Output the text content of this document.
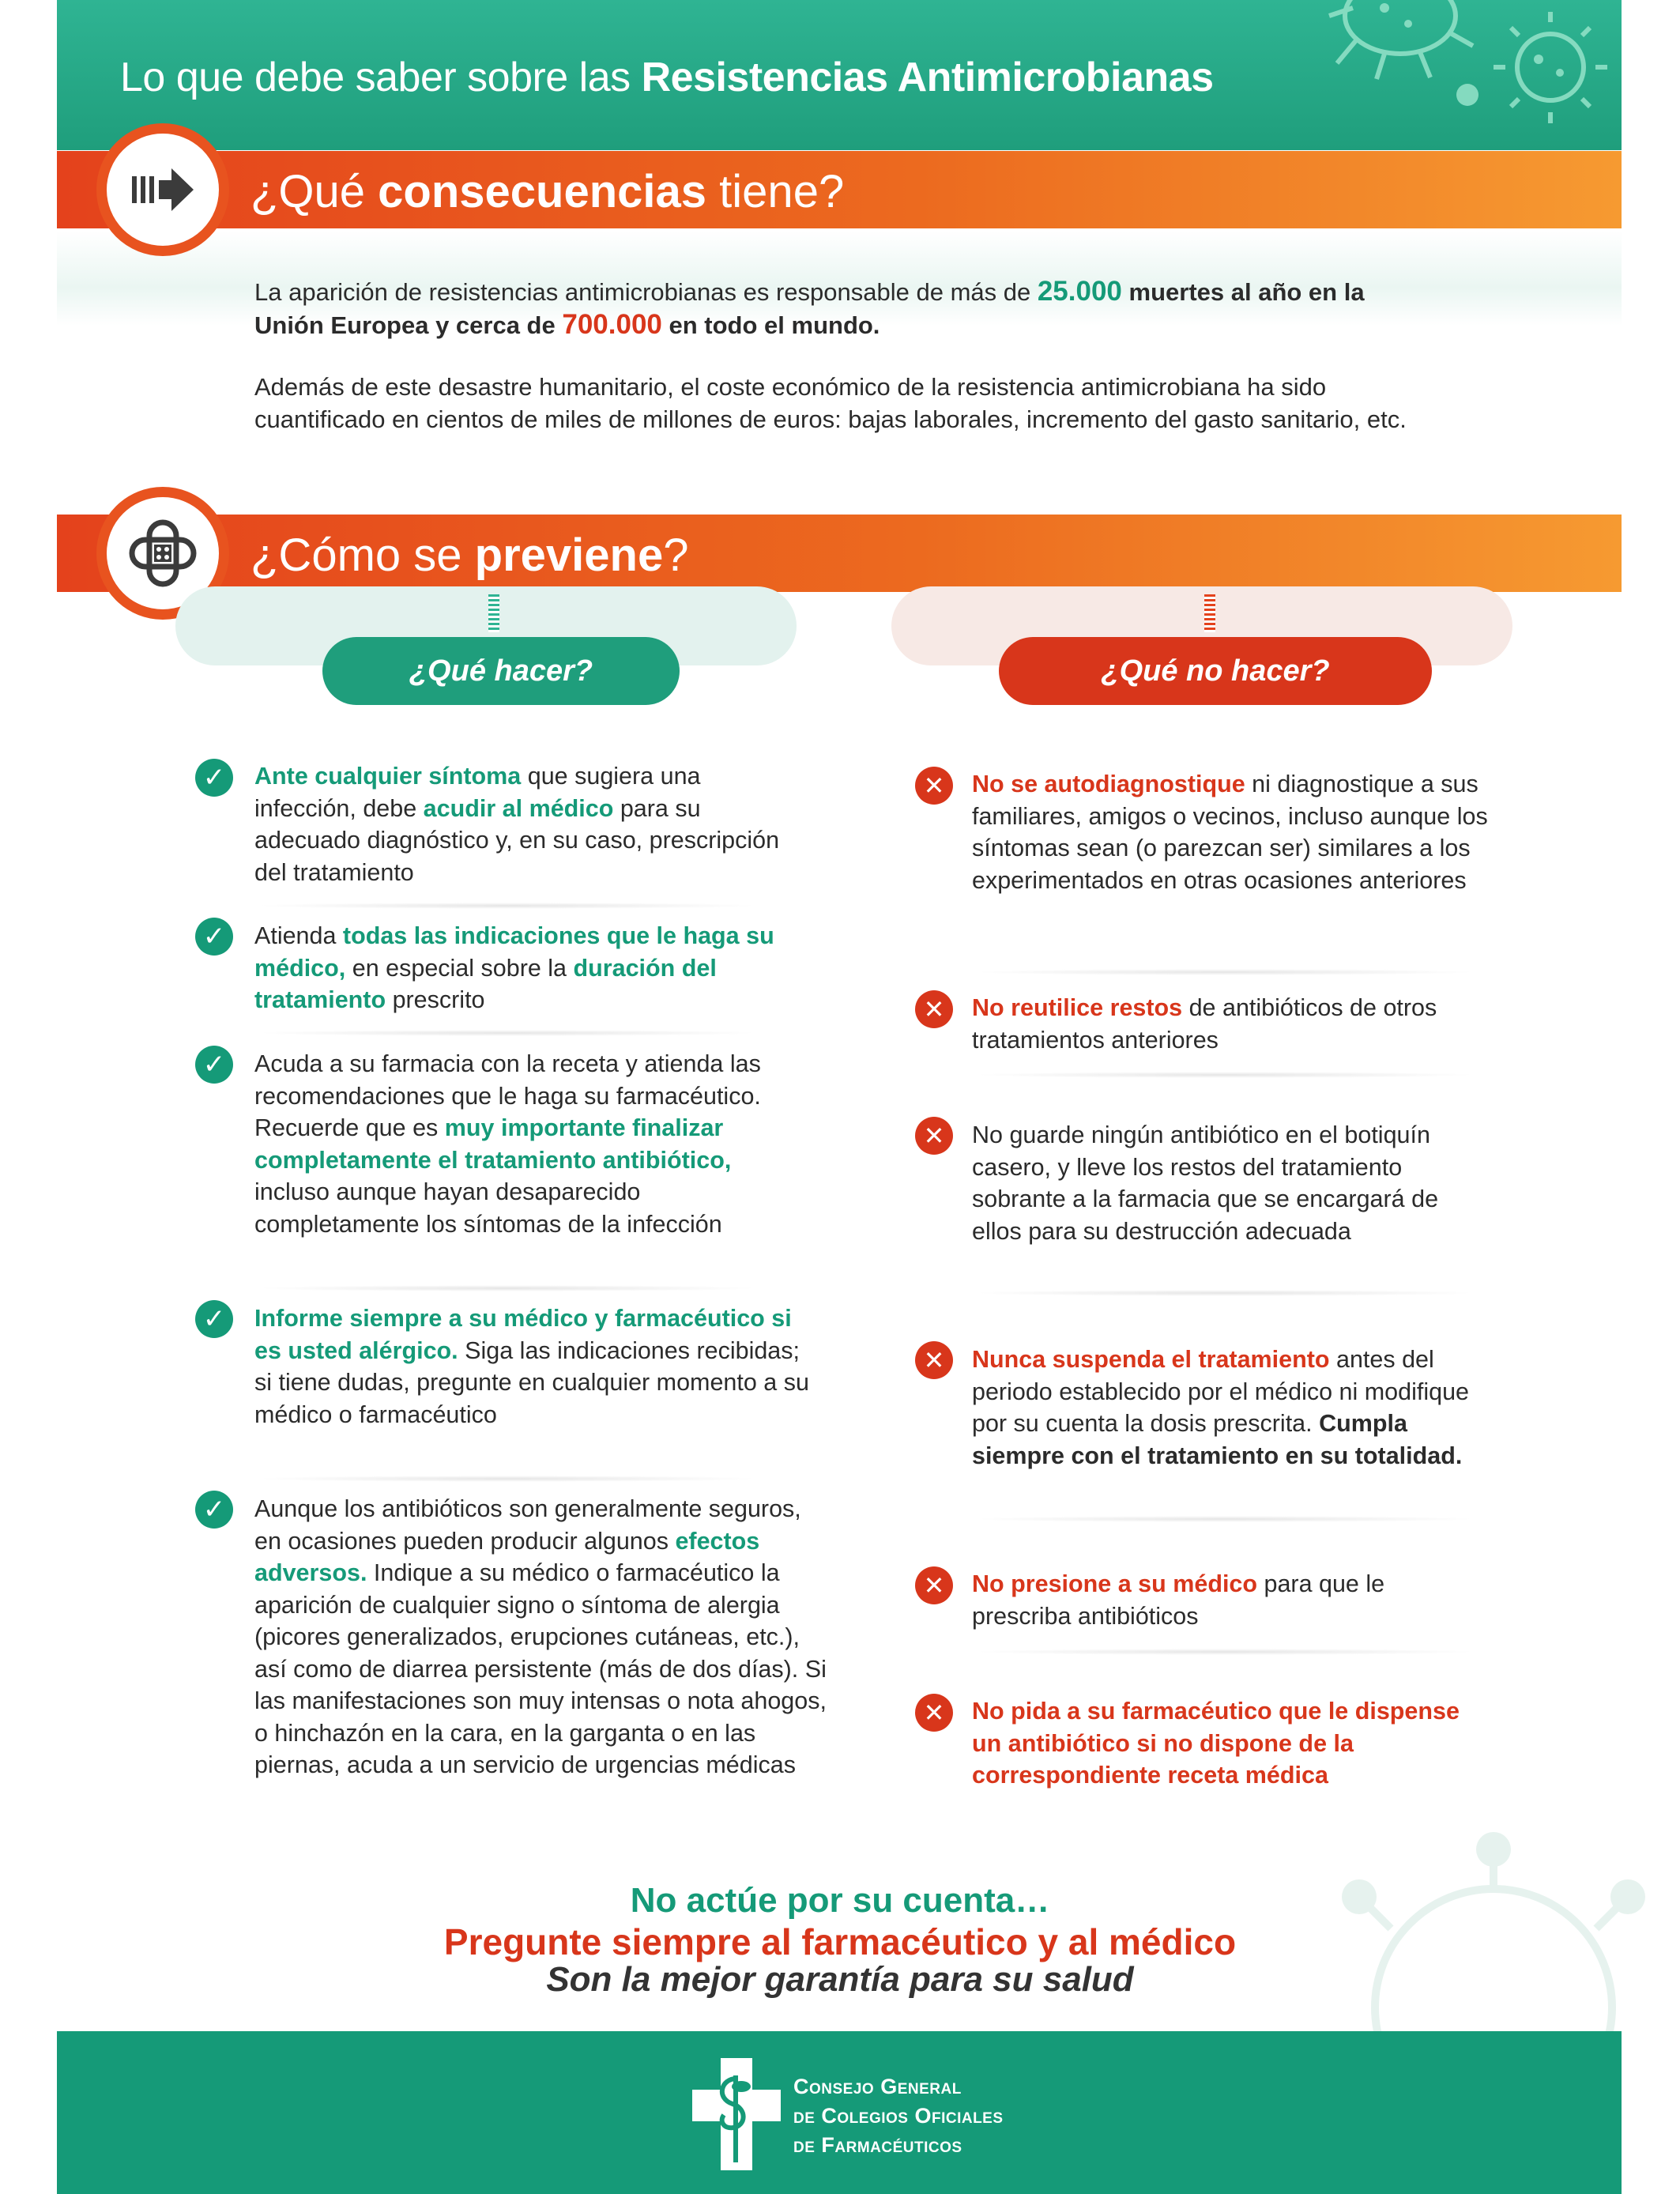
Lo que debe saber sobre las Resistencias Antimicrobianas
¿Qué consecuencias tiene?
La aparición de resistencias antimicrobianas es responsable de más de 25.000 muertes al año en la Unión Europea y cerca de 700.000 en todo el mundo.
Además de este desastre humanitario, el coste económico de la resistencia antimicrobiana ha sido cuantificado en cientos de miles de millones de euros: bajas laborales, incremento del gasto sanitario, etc.
¿Cómo se previene?
¿Qué hacer?	¿Qué no hacer?
✓	Ante cualquier síntoma que sugiera una infección, debe acudir al médico para su adecuado diagnóstico y, en su caso, prescripción del tratamiento
✓	Atienda todas las indicaciones que le haga su médico, en especial sobre la duración del tratamiento prescrito
✓	Acuda a su farmacia con la receta y atienda las recomendaciones que le haga su farmacéutico. Recuerde que es muy importante finalizar completamente el tratamiento antibiótico, incluso aunque hayan desaparecido completamente los síntomas de la infección
✓	Informe siempre a su médico y farmacéutico si es usted alérgico. Siga las indicaciones recibidas; si tiene dudas, pregunte en cualquier momento a su médico o farmacéutico
✓	Aunque los antibióticos son generalmente seguros, en ocasiones pueden producir algunos efectos adversos. Indique a su médico o farmacéutico la aparición de cualquier signo o síntoma de alergia (picores generalizados, erupciones cutáneas, etc.), así como de diarrea persistente (más de dos días). Si las manifestaciones son muy intensas o nota ahogos, o hinchazón en la cara, en la garganta o en las piernas, acuda a un servicio de urgencias médicas
✕	No se autodiagnostique ni diagnostique a sus familiares, amigos o vecinos, incluso aunque los síntomas sean (o parezcan ser) similares a los experimentados en otras ocasiones anteriores
✕	No reutilice restos de antibióticos de otros tratamientos anteriores
✕	No guarde ningún antibiótico en el botiquín casero, y lleve los restos del tratamiento sobrante a la farmacia que se encargará de ellos para su destrucción adecuada
✕	Nunca suspenda el tratamiento antes del periodo establecido por el médico ni modifique por su cuenta la dosis prescrita. Cumpla siempre con el tratamiento en su totalidad.
✕	No presione a su médico para que le prescriba antibióticos
✕	No pida a su farmacéutico que le dispense un antibiótico si no dispone de la correspondiente receta médica
No actúe por su cuenta…
Pregunte siempre al farmacéutico y al médico
Son la mejor garantía para su salud
Consejo General
de Colegios Oficiales
de Farmacéuticos
